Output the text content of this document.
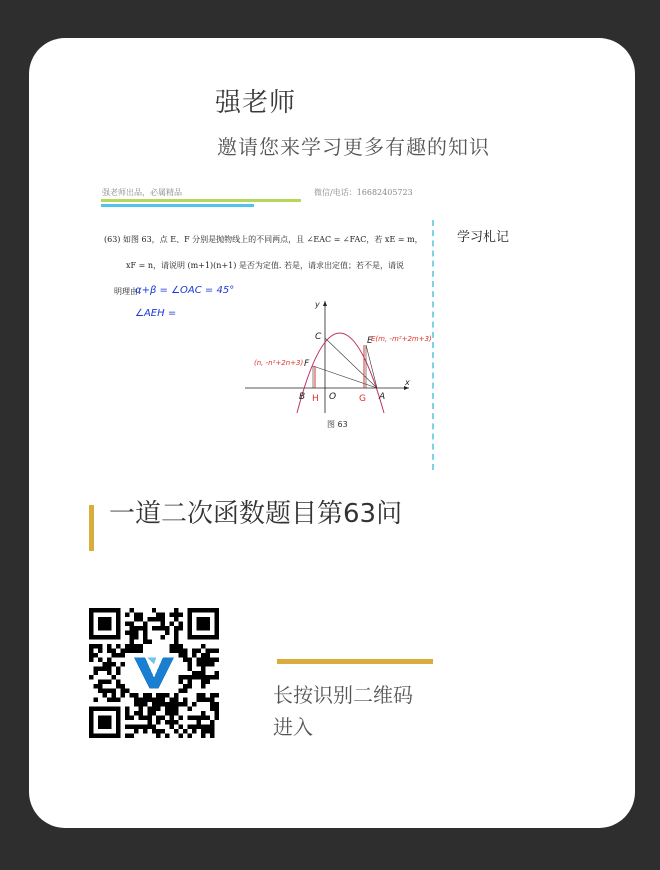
强老师
邀请您来学习更多有趣的知识
强老师出品，必属精品	微信/电话：16682405723
(63) 如图 63，点 E、F 分别是抛物线上的不同两点，且 ∠EAC = ∠FAC，若 xE = m，
xF = n，请说明 (m+1)(n+1) 是否为定值. 若是，请求出定值；若不是，请说
明理由.
α+β = ∠OAC = 45°
∠AEH =
学习札记
y
x
C	E
F
B	O	A
H	G
E(m, -m²+2m+3)
(n, -n²+2n+3)
图 63
一道二次函数题目第63问
长按识别二维码
进入
